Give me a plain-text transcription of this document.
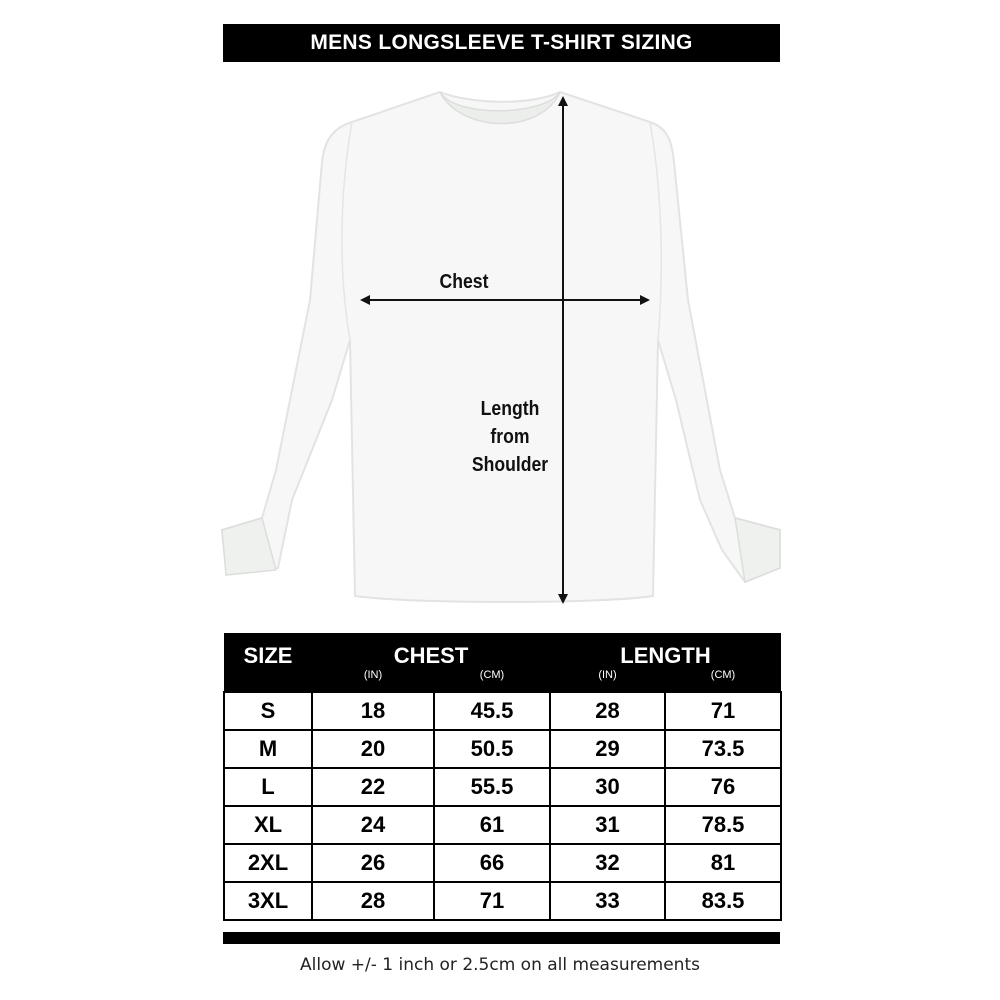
MENS LONGSLEEVE T-SHIRT SIZING
Chest
Length
from
Shoulder
SIZE	CHEST		LENGTH	
	(IN)	(CM)	(IN)	(CM)
S	18	45.5	28	71
M	20	50.5	29	73.5
L	22	55.5	30	76
XL	24	61	31	78.5
2XL	26	66	32	81
3XL	28	71	33	83.5
Allow +/- 1 inch or 2.5cm on all measurements
